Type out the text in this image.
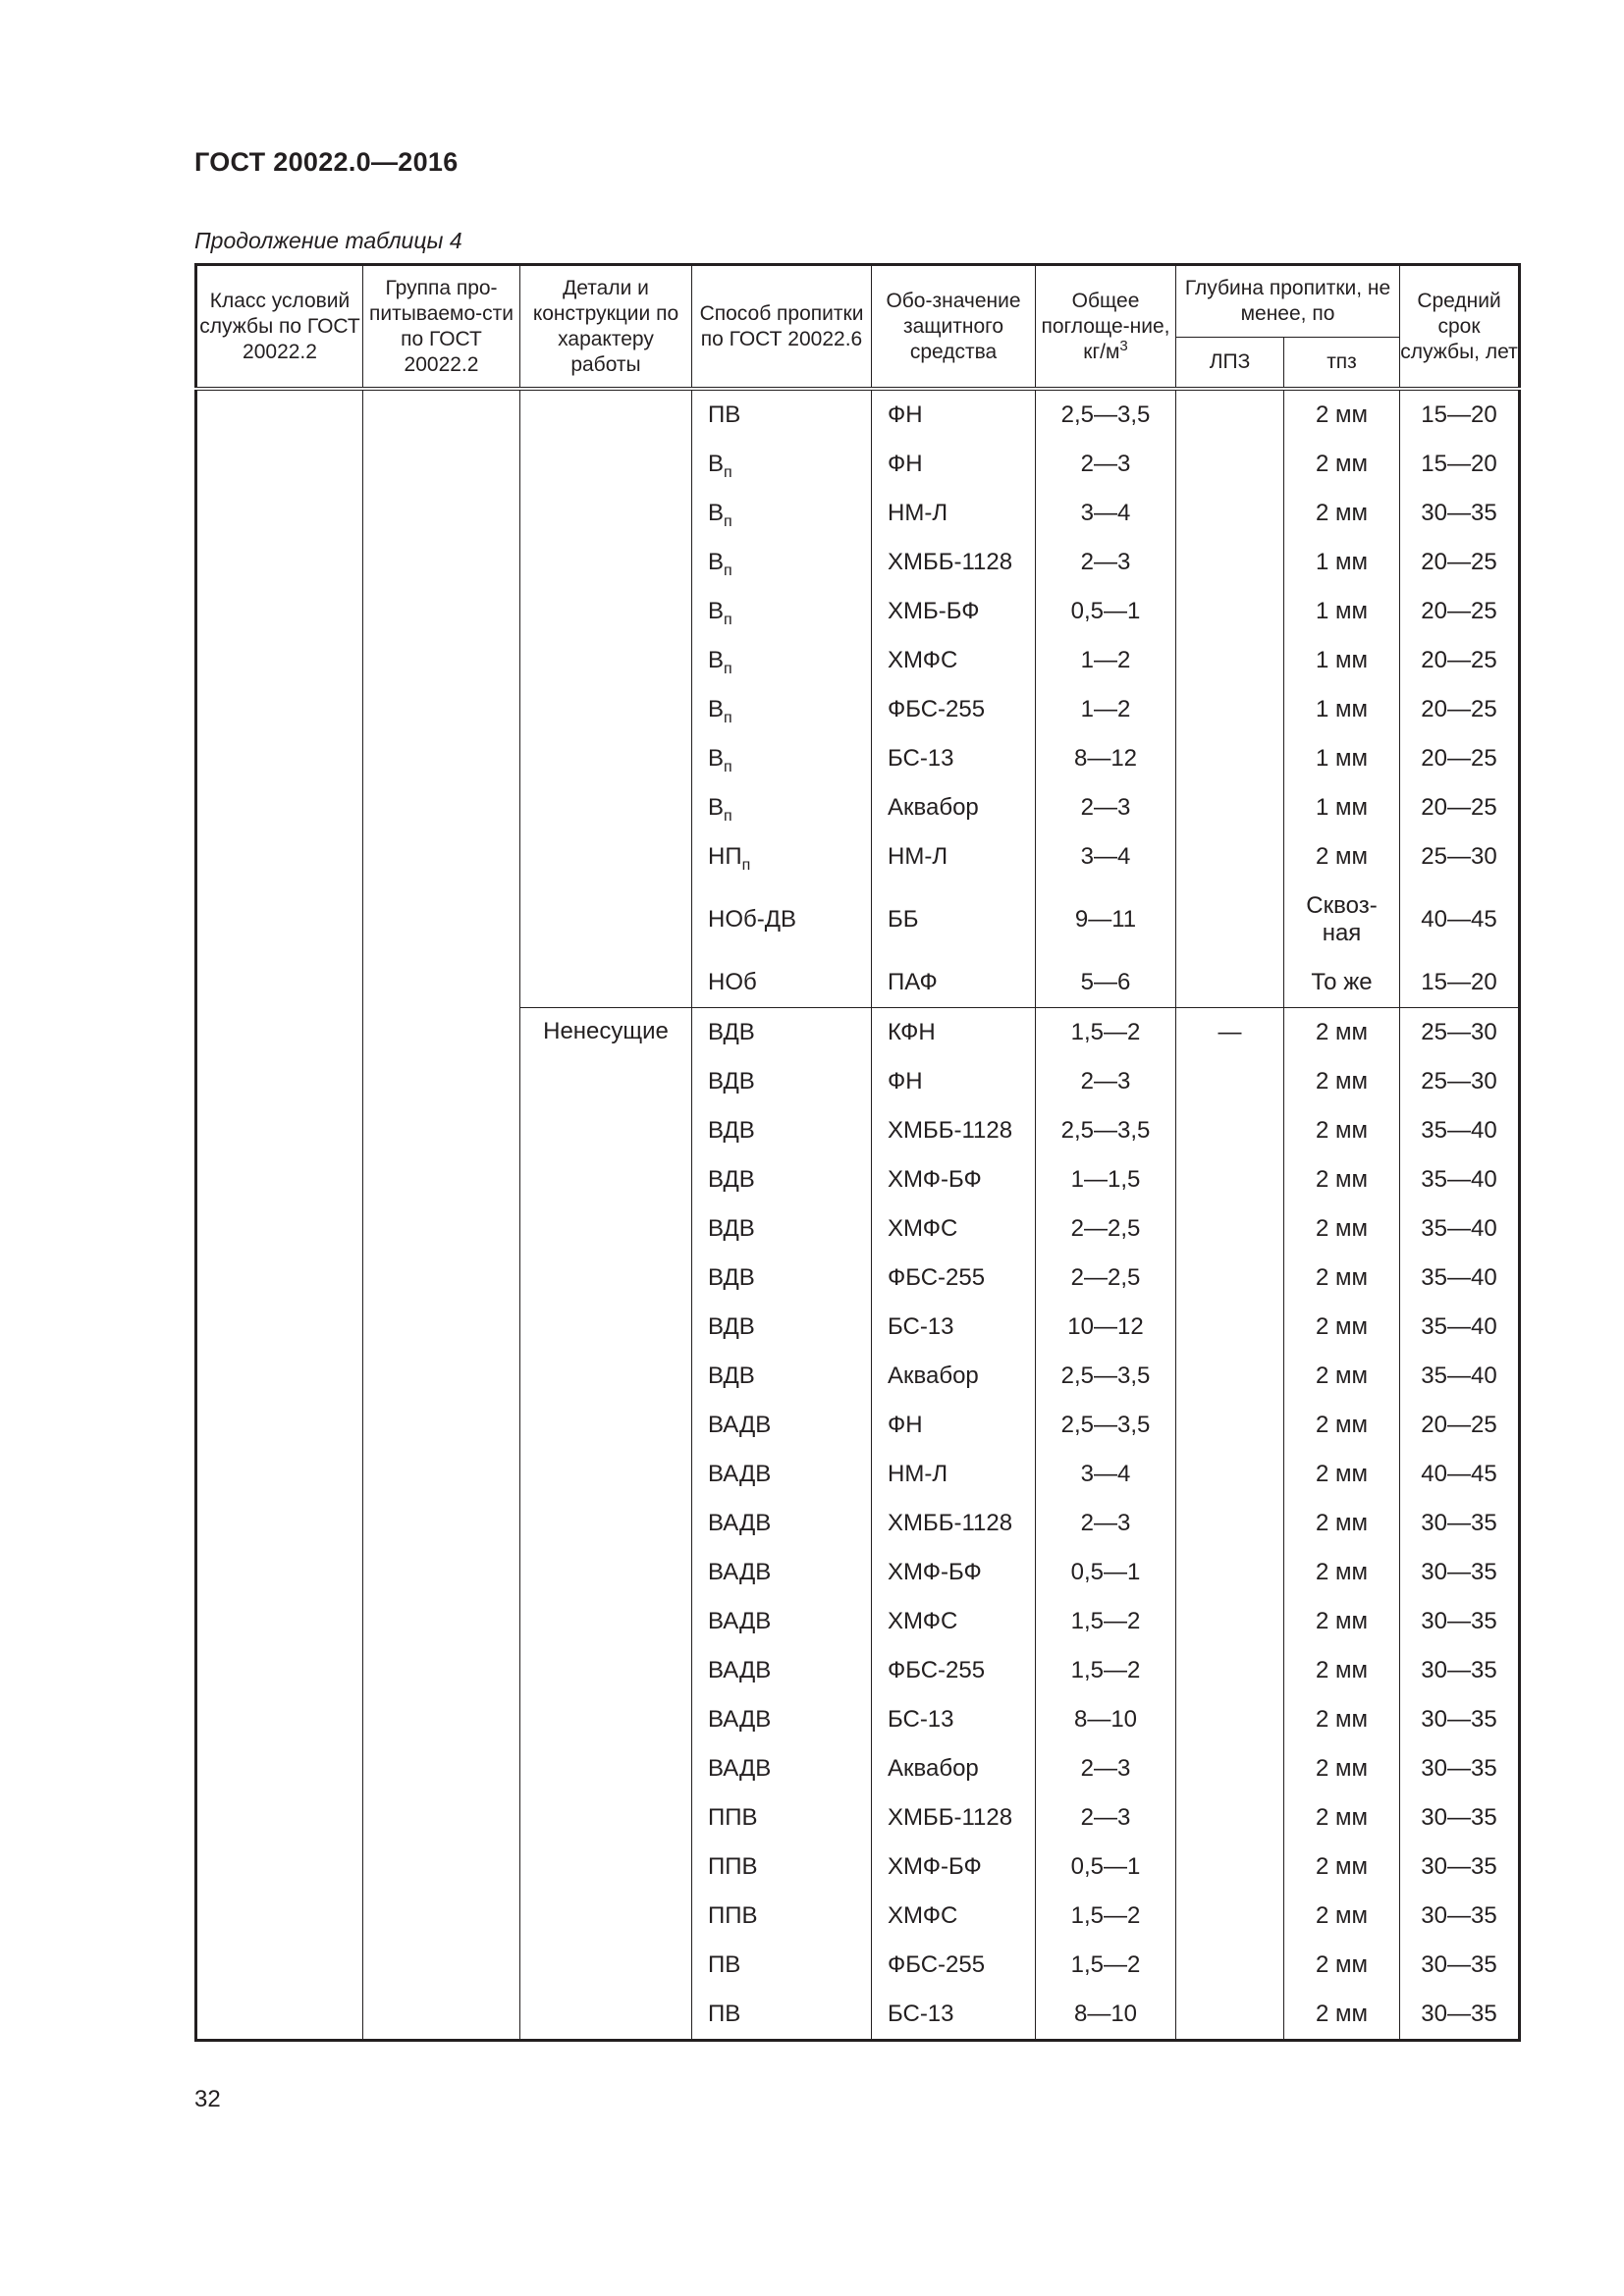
ГОСТ 20022.0—2016
Продолжение таблицы 4
Класс условий службы по ГОСТ 20022.2	Группа про-питываемо-сти по ГОСТ 20022.2	Детали и конструкции по характеру работы	Способ пропитки по ГОСТ 20022.6	Обо-значение защитного средства	Общее поглоще-ние, $кг/м^3$	Глубина пропитки, не менее, по		Средний срок службы, лет
						ЛПЗ	тпз	
			ПВ	ФН	2,5—3,5		2 мм	15—20
			$В_п$	ФН	2—3		2 мм	15—20
			$В_п$	НМ-Л	3—4		2 мм	30—35
			$В_п$	ХМББ-1128	2—3		1 мм	20—25
			$В_п$	ХМБ-БФ	0,5—1		1 мм	20—25
			$В_п$	ХМФС	1—2		1 мм	20—25
			$В_п$	ФБС-255	1—2		1 мм	20—25
			$В_п$	БС-13	8—12		1 мм	20—25
			$В_п$	Аквабор	2—3		1 мм	20—25
			$НП_п$	НМ-Л	3—4		2 мм	25—30
			НОб-ДВ	ББ	9—11		Сквоз-ная	40—45
			НОб	ПАФ	5—6		То же	15—20
		Ненесущие	ВДВ	КФН	1,5—2	—	2 мм	25—30
			ВДВ	ФН	2—3		2 мм	25—30
			ВДВ	ХМББ-1128	2,5—3,5		2 мм	35—40
			ВДВ	ХМФ-БФ	1—1,5		2 мм	35—40
			ВДВ	ХМФС	2—2,5		2 мм	35—40
			ВДВ	ФБС-255	2—2,5		2 мм	35—40
			ВДВ	БС-13	10—12		2 мм	35—40
			ВДВ	Аквабор	2,5—3,5		2 мм	35—40
			ВАДВ	ФН	2,5—3,5		2 мм	20—25
			ВАДВ	НМ-Л	3—4		2 мм	40—45
			ВАДВ	ХМББ-1128	2—3		2 мм	30—35
			ВАДВ	ХМФ-БФ	0,5—1		2 мм	30—35
			ВАДВ	ХМФС	1,5—2		2 мм	30—35
			ВАДВ	ФБС-255	1,5—2		2 мм	30—35
			ВАДВ	БС-13	8—10		2 мм	30—35
			ВАДВ	Аквабор	2—3		2 мм	30—35
			ППВ	ХМББ-1128	2—3		2 мм	30—35
			ППВ	ХМФ-БФ	0,5—1		2 мм	30—35
			ППВ	ХМФС	1,5—2		2 мм	30—35
			ПВ	ФБС-255	1,5—2		2 мм	30—35
			ПВ	БС-13	8—10		2 мм	30—35
32
